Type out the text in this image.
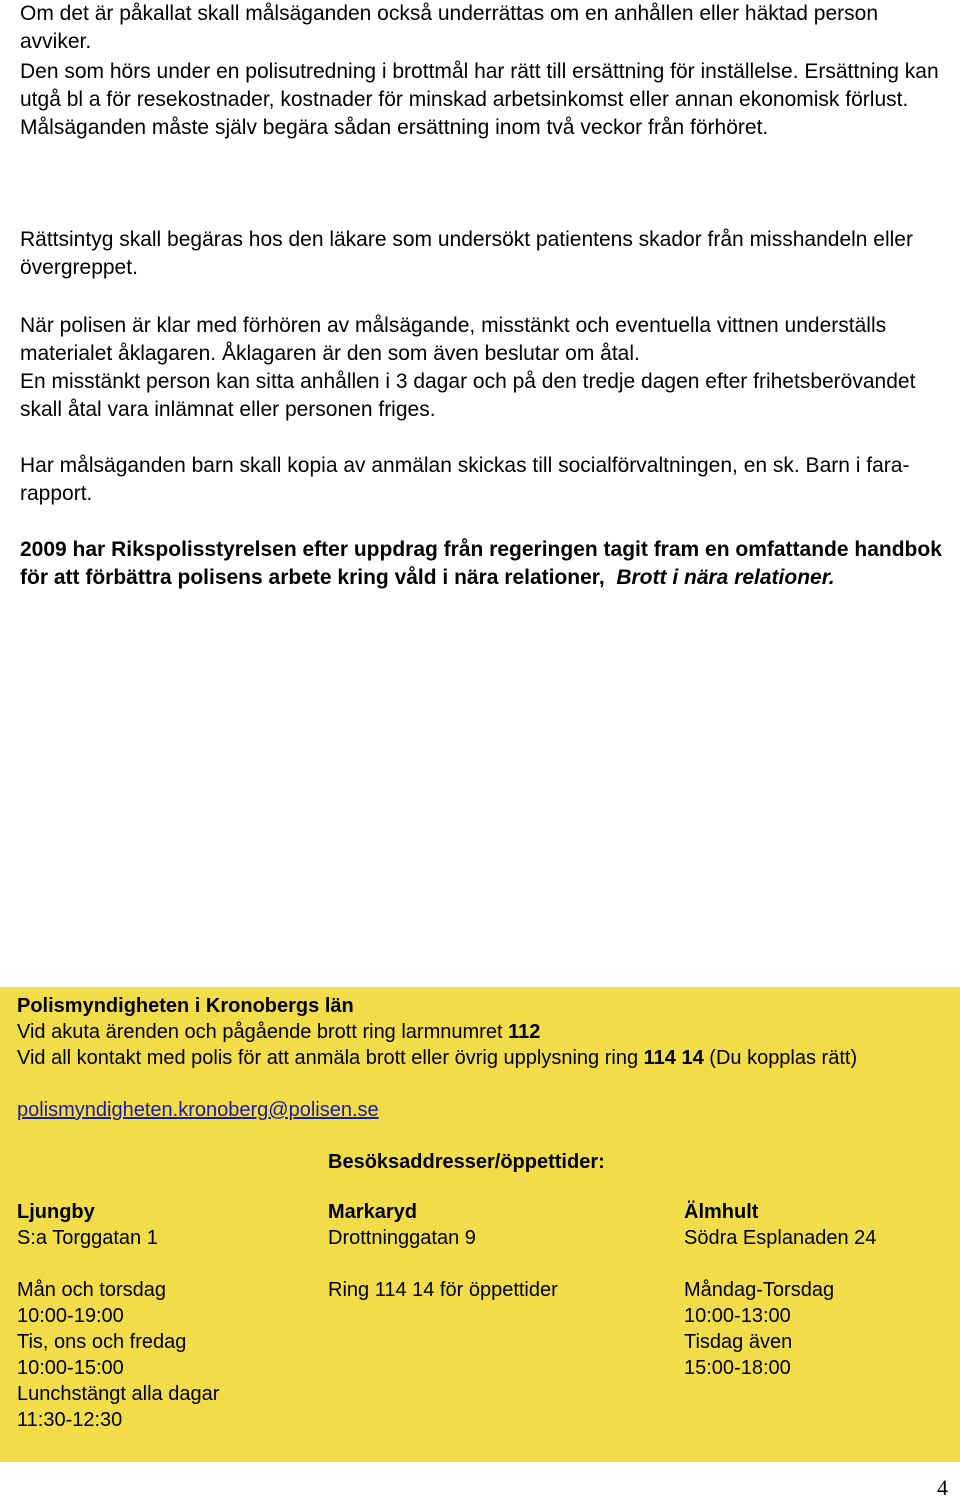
Om det är påkallat skall målsäganden också underrättas om en anhållen eller häktad person avviker.

Den som hörs under en polisutredning i brottmål har rätt till ersättning för inställelse. Ersättning kan utgå bl a för resekostnader, kostnader för minskad arbetsinkomst eller annan ekonomisk förlust. Målsäganden måste själv begära sådan ersättning inom två veckor från förhöret.

Rättsintyg skall begäras hos den läkare som undersökt patientens skador från misshandeln eller övergreppet.

När polisen är klar med förhören av målsägande, misstänkt och eventuella vittnen underställs materialet åklagaren. Åklagaren är den som även beslutar om åtal.

En misstänkt person kan sitta anhållen i 3 dagar och på den tredje dagen efter frihetsberövandet skall åtal vara inlämnat eller personen friges.

Har målsäganden barn skall kopia av anmälan skickas till socialförvaltningen, en sk. Barn i fara- rapport.

2009 har Rikspolisstyrelsen efter uppdrag från regeringen tagit fram en omfattande handbok för att förbättra polisens arbete kring våld i nära relationer, Brott i nära relationer.

Polismyndigheten i Kronobergs län

Vid akuta ärenden och pågående brott ring larmnumret 112

Vid all kontakt med polis för att anmäla brott eller övrig upplysning ring 114 14 (Du kopplas rätt)

polismyndigheten.kronoberg@polisen.se

Besöksaddresser/öppettider:

Ljungby
S:a Torggatan 1
Mån och torsdag
10:00-19:00
Tis, ons och fredag
10:00-15:00
Lunchstängt alla dagar
11:30-12:30
Markaryd
Drottninggatan 9
Ring 114 14 för öppettider
Älmhult
Södra Esplanaden 24
Måndag-Torsdag
10:00-13:00
Tisdag även
15:00-18:00
4
